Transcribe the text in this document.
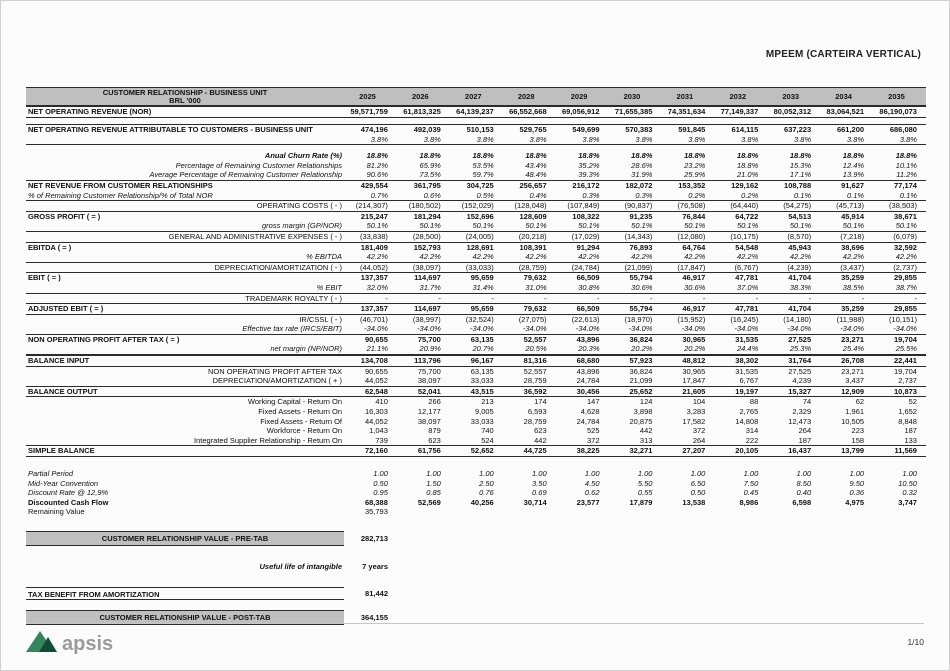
MPEEM (CARTEIRA VERTICAL)
CUSTOMER RELATIONSHIP - BUSINESS UNIT
BRL '000	2025	2026	2027	2028	2029	2030	2031	2032	2033	2034	2035
NET OPERATING REVENUE (NOR)	59,571,759	61,813,325	64,139,237	66,552,668	69,056,912	71,655,385	74,351,634	77,149,337	80,052,312	83,064,521	86,190,073
NET OPERATING REVENUE ATTRIBUTABLE TO CUSTOMERS - BUSINESS UNIT	474,196	492,039	510,153	529,765	549,699	570,383	591,845	614,115	637,223	661,200	686,080
3.8%	3.8%	3.8%	3.8%	3.8%	3.8%	3.8%	3.8%	3.8%	3.8%	3.8%
Anual Churn Rate (%)	18.8%	18.8%	18.8%	18.8%	18.8%	18.8%	18.8%	18.8%	18.8%	18.8%	18.8%
Percentage of Remaining Customer Relationships	81.2%	65.9%	53.5%	43.4%	35.2%	28.6%	23.2%	18.8%	15.3%	12.4%	10.1%
Average Percentage of Remaining Customer Relationship	90.6%	73.5%	59.7%	48.4%	39.3%	31.9%	25.9%	21.0%	17.1%	13.9%	11.2%
NET REVENUE FROM CUSTOMER RELATIONSHIPS	429,554	361,795	304,725	256,657	216,172	182,072	153,352	129,162	108,788	91,627	77,174
% of Remaining Customer Relationship/% of Total NOR	0.7%	0.6%	0.5%	0.4%	0.3%	0.3%	0.2%	0.2%	0.1%	0.1%	0.1%
OPERATING COSTS ( - )	(214,307)	(180,502)	(152,029)	(128,048)	(107,849)	(90,837)	(76,508)	(64,440)	(54,275)	(45,713)	(38,503)
GROSS PROFIT ( = )	215,247	181,294	152,696	128,609	108,322	91,235	76,844	64,722	54,513	45,914	38,671
gross margin (GP/NOR)	50.1%	50.1%	50.1%	50.1%	50.1%	50.1%	50.1%	50.1%	50.1%	50.1%	50.1%
GENERAL AND ADMINISTRATIVE EXPENSES ( - )	(33,838)	(28,500)	(24,005)	(20,218)	(17,029)	(14,343)	(12,080)	(10,175)	(8,570)	(7,218)	(6,079)
EBITDA ( = )	181,409	152,793	128,691	108,391	91,294	76,893	64,764	54,548	45,943	38,696	32,592
% EBITDA	42.2%	42.2%	42.2%	42.2%	42.2%	42.2%	42.2%	42.2%	42.2%	42.2%	42.2%
DEPRECIATION/AMORTIZATION ( - )	(44,052)	(38,097)	(33,033)	(28,759)	(24,784)	(21,099)	(17,847)	(6,767)	(4,239)	(3,437)	(2,737)
EBIT ( = )	137,357	114,697	95,659	79,632	66,509	55,794	46,917	47,781	41,704	35,259	29,855
% EBIT	32.0%	31.7%	31.4%	31.0%	30.8%	30.6%	30.6%	37.0%	38.3%	38.5%	38.7%
TRADEMARK ROYALTY ( - )	-	-	-	-	-	-	-	-	-	-	-
ADJUSTED EBIT ( = )	137,357	114,697	95,659	79,632	66,509	55,794	46,917	47,781	41,704	35,259	29,855
IR/CSSL ( - )	(46,701)	(38,997)	(32,524)	(27,075)	(22,613)	(18,970)	(15,952)	(16,245)	(14,180)	(11,988)	(10,151)
Effective tax rate (IRCS/EBIT)	-34.0%	-34.0%	-34.0%	-34.0%	-34.0%	-34.0%	-34.0%	-34.0%	-34.0%	-34.0%	-34.0%
NON OPERATING PROFIT AFTER TAX ( = )	90,655	75,700	63,135	52,557	43,896	36,824	30,965	31,535	27,525	23,271	19,704
net margin (NP/NOR)	21.1%	20.9%	20.7%	20.5%	20.3%	20.2%	20.2%	24.4%	25.3%	25.4%	25.5%
BALANCE INPUT	134,708	113,796	96,167	81,316	68,680	57,923	48,812	38,302	31,764	26,708	22,441
NON OPERATING PROFIT AFTER TAX	90,655	75,700	63,135	52,557	43,896	36,824	30,965	31,535	27,525	23,271	19,704
DEPRECIATION/AMORTIZATION ( + )	44,052	38,097	33,033	28,759	24,784	21,099	17,847	6,767	4,239	3,437	2,737
BALANCE OUTPUT	62,548	52,041	43,515	36,592	30,456	25,652	21,605	19,197	15,327	12,909	10,873
Working Capital - Return On	410	266	213	174	147	124	104	88	74	62	52
Fixed Assets - Return On	16,303	12,177	9,005	6,593	4,628	3,898	3,283	2,765	2,329	1,961	1,652
Fixed Assets - Return Of	44,052	38,097	33,033	28,759	24,784	20,875	17,582	14,808	12,473	10,505	8,848
Workforce - Return On	1,043	879	740	623	525	442	372	314	264	223	187
Integrated Supplier Relationship - Return On	739	623	524	442	372	313	264	222	187	158	133
SIMPLE BALANCE	72,160	61,756	52,652	44,725	38,225	32,271	27,207	20,105	16,437	13,799	11,569
Partial Period	1.00	1.00	1.00	1.00	1.00	1.00	1.00	1.00	1.00	1.00	1.00
Mid-Year Convention	0.50	1.50	2.50	3.50	4.50	5.50	6.50	7.50	8.50	9.50	10.50
Discount Rate @ 12,9%	0.95	0.85	0.76	0.69	0.62	0.55	0.50	0.45	0.40	0.36	0.32
Discounted Cash Flow	68,388	52,569	40,256	30,714	23,577	17,879	13,538	8,986	6,598	4,975	3,747
Remaining Value	35,793
CUSTOMER RELATIONSHIP VALUE - PRE-TAB	282,713
Useful life of intangible	7 years
TAX BENEFIT FROM AMORTIZATION	81,442
CUSTOMER RELATIONSHIP VALUE - POST-TAB	364,155
apsis	1/10
